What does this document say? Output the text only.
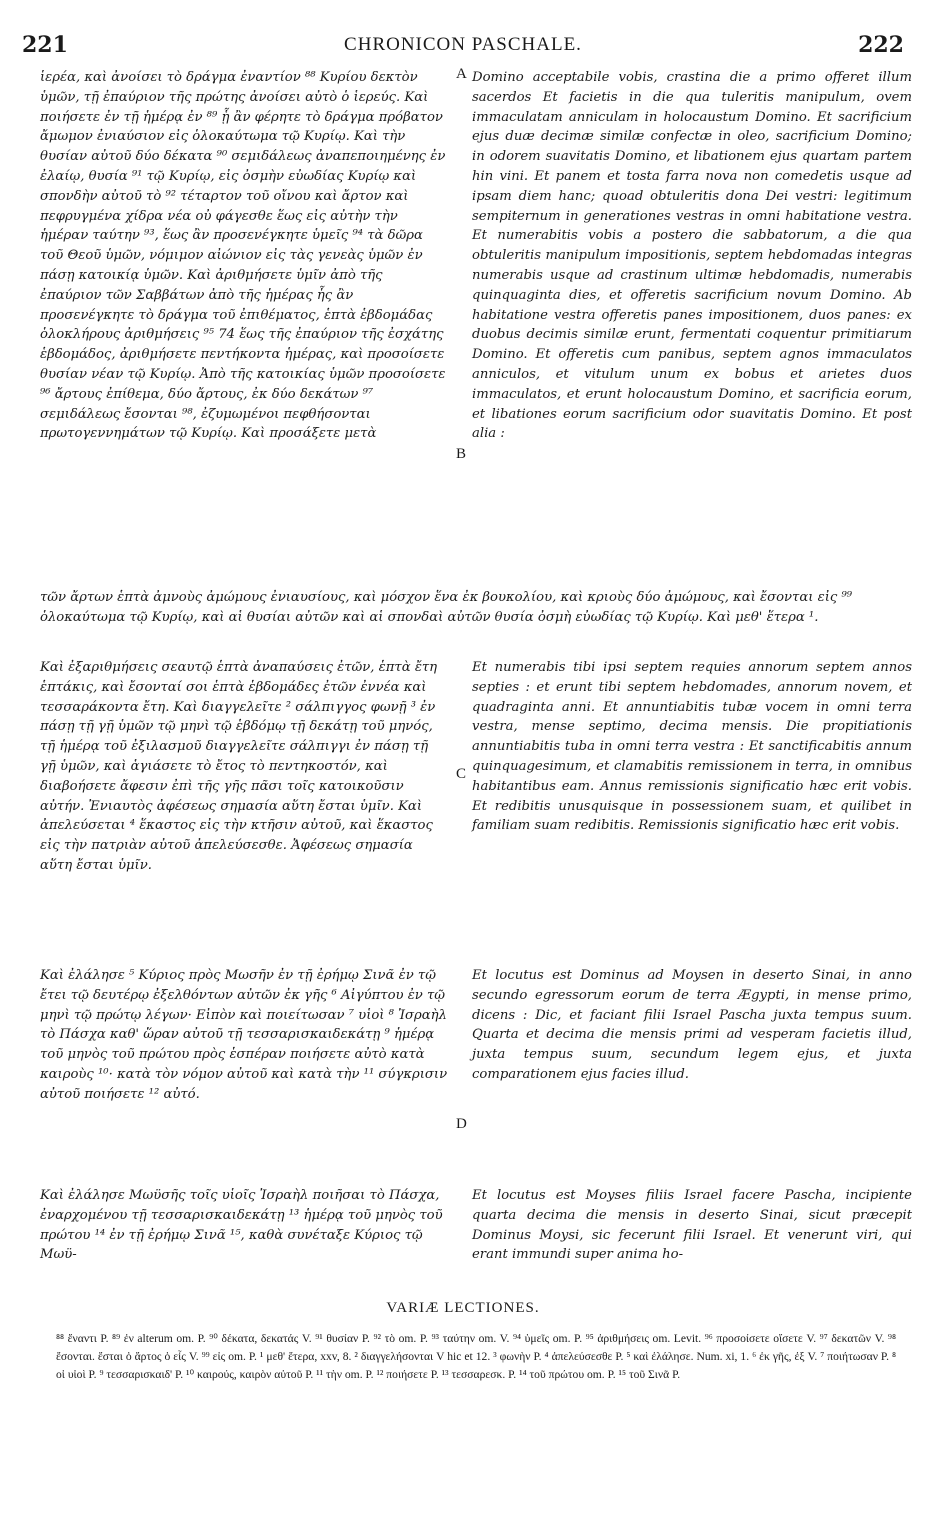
221	CHRONICON PASCHALE.	222

ἱερέα, καὶ ἀνοίσει τὸ δράγμα ἐναντίον ⁸⁸ Κυρίου δεκτὸν ὑμῶν, τῇ ἐπαύριον τῆς πρώτης ἀνοίσει αὐτὸ ὁ ἱερεύς. Καὶ ποιήσετε ἐν τῇ ἡμέρᾳ ἐν ⁸⁹ ᾗ ἂν φέρητε τὸ δράγμα πρόβατον ἄμωμον ἐνιαύσιον εἰς ὁλοκαύτωμα τῷ Κυρίῳ. Καὶ τὴν θυσίαν αὐτοῦ δύο δέκατα ⁹⁰ σεμιδάλεως ἀναπεποιημένης ἐν ἐλαίῳ, θυσία ⁹¹ τῷ Κυρίῳ, εἰς ὀσμὴν εὐωδίας Κυρίῳ καὶ σπονδὴν αὐτοῦ τὸ ⁹² τέταρτον τοῦ οἴνου καὶ ἄρτον καὶ πεφρυγμένα χίδρα νέα οὐ φάγεσθε ἕως εἰς αὐτὴν τὴν ἡμέραν ταύτην ⁹³, ἕως ἂν προσενέγκητε ὑμεῖς ⁹⁴ τὰ δῶρα τοῦ Θεοῦ ὑμῶν, νόμιμον αἰώνιον εἰς τὰς γενεὰς ὑμῶν ἐν πάσῃ κατοικίᾳ ὑμῶν. Καὶ ἀριθμήσετε ὑμῖν ἀπὸ τῆς ἐπαύριον τῶν Σαββάτων ἀπὸ τῆς ἡμέρας ἧς ἂν προσενέγκητε τὸ δράγμα τοῦ ἐπιθέματος, ἑπτὰ ἑβδομάδας ὁλοκλήρους ἀριθμήσεις ⁹⁵ 74 ἕως τῆς ἐπαύριον τῆς ἐσχάτης ἑβδομάδος, ἀριθμήσετε πεντήκοντα ἡμέρας, καὶ προσοίσετε θυσίαν νέαν τῷ Κυρίῳ. Ἀπὸ τῆς κατοικίας ὑμῶν προσοίσετε ⁹⁶ ἄρτους ἐπίθεμα, δύο ἄρτους, ἐκ δύο δεκάτων ⁹⁷ σεμιδάλεως ἔσονται ⁹⁸, ἐζυμωμένοι πεφθήσονται πρωτογεννημάτων τῷ Κυρίῳ. Καὶ προσάξετε μετὰ

Domino acceptabile vobis, crastina die a primo offeret illum sacerdos Et facietis in die qua tuleritis manipulum, ovem immaculatam anniculam in holocaustum Domino. Et sacrificium ejus duæ decimæ similæ confectæ in oleo, sacrificium Domino; in odorem suavitatis Domino, et libationem ejus quartam partem hin vini. Et panem et tosta farra nova non comedetis usque ad ipsam diem hanc; quoad obtuleritis dona Dei vestri: legitimum sempiternum in generationes vestras in omni habitatione vestra. Et numerabitis vobis a postero die sabbatorum, a die qua obtuleritis manipulum impositionis, septem hebdomadas integras numerabis usque ad crastinum ultimæ hebdomadis, numerabis quinquaginta dies, et offeretis sacrificium novum Domino. Ab habitatione vestra offeretis panes impositionem, duos panes: ex duobus decimis similæ erunt, fermentati coquentur primitiarum Domino. Et offeretis cum panibus, septem agnos immaculatos anniculos, et vitulum unum ex bobus et arietes duos immaculatos, et erunt holocaustum Domino, et sacrificia eorum, et libationes eorum sacrificium odor suavitatis Domino. Et post alia :

A
B
τῶν ἄρτων ἑπτὰ ἀμνοὺς ἀμώμους ἐνιαυσίους, καὶ μόσχον ἕνα ἐκ βουκολίου, καὶ κριοὺς δύο ἀμώμους, καὶ ἔσονται εἰς ⁹⁹ ὁλοκαύτωμα τῷ Κυρίῳ, καὶ αἱ θυσίαι αὐτῶν καὶ αἱ σπονδαὶ αὐτῶν θυσία ὀσμὴ εὐωδίας τῷ Κυρίῳ. Καὶ μεθ' ἕτερα ¹.

Καὶ ἐξαριθμήσεις σεαυτῷ ἑπτὰ ἀναπαύσεις ἐτῶν, ἑπτὰ ἔτη ἑπτάκις, καὶ ἔσονταί σοι ἑπτὰ ἑβδομάδες ἐτῶν ἐννέα καὶ τεσσαράκοντα ἔτη. Καὶ διαγγελεῖτε ² σάλπιγγος φωνῇ ³ ἐν πάσῃ τῇ γῇ ὑμῶν τῷ μηνὶ τῷ ἑβδόμῳ τῇ δεκάτῃ τοῦ μηνός, τῇ ἡμέρᾳ τοῦ ἐξιλασμοῦ διαγγελεῖτε σάλπιγγι ἐν πάσῃ τῇ γῇ ὑμῶν, καὶ ἁγιάσετε τὸ ἔτος τὸ πεντηκοστόν, καὶ διαβοήσετε ἄφεσιν ἐπὶ τῆς γῆς πᾶσι τοῖς κατοικοῦσιν αὐτήν. Ἐνιαυτὸς ἀφέσεως σημασία αὕτη ἔσται ὑμῖν. Καὶ ἀπελεύσεται ⁴ ἕκαστος εἰς τὴν κτῆσιν αὐτοῦ, καὶ ἕκαστος εἰς τὴν πατριὰν αὐτοῦ ἀπελεύσεσθε. Ἀφέσεως σημασία αὕτη ἔσται ὑμῖν.

Et numerabis tibi ipsi septem requies annorum septem annos septies : et erunt tibi septem hebdomades, annorum novem, et quadraginta anni. Et annuntiabitis tubæ vocem in omni terra vestra, mense septimo, decima mensis. Die propitiationis annuntiabitis tuba in omni terra vestra : Et sanctificabitis annum quinquagesimum, et clamabitis remissionem in terra, in omnibus habitantibus eam. Annus remissionis significatio hæc erit vobis. Et redibitis unusquisque in possessionem suam, et quilibet in familiam suam redibitis. Remissionis significatio hæc erit vobis.

C

Καὶ ἐλάλησε ⁵ Κύριος πρὸς Μωσῆν ἐν τῇ ἐρήμῳ Σινᾶ ἐν τῷ ἔτει τῷ δευτέρῳ ἐξελθόντων αὐτῶν ἐκ γῆς ⁶ Αἰγύπτου ἐν τῷ μηνὶ τῷ πρώτῳ λέγων· Εἰπὸν καὶ ποιείτωσαν ⁷ υἱοὶ ⁸ Ἰσραὴλ τὸ Πάσχα καθ' ὥραν αὐτοῦ τῇ τεσσαρισκαιδεκάτῃ ⁹ ἡμέρᾳ τοῦ μηνὸς τοῦ πρώτου πρὸς ἑσπέραν ποιήσετε αὐτὸ κατὰ καιροὺς ¹⁰· κατὰ τὸν νόμον αὐτοῦ καὶ κατὰ τὴν ¹¹ σύγκρισιν αὐτοῦ ποιήσετε ¹² αὐτό.

Et locutus est Dominus ad Moysen in deserto Sinai, in anno secundo egressorum eorum de terra Ægypti, in mense primo, dicens : Dic, et faciant filii Israel Pascha juxta tempus suum. Quarta et decima die mensis primi ad vesperam facietis illud, juxta tempus suum, secundum legem ejus, et juxta comparationem ejus facies illud.

D

Καὶ ἐλάλησε Μωϋσῆς τοῖς υἱοῖς Ἰσραὴλ ποιῆσαι τὸ Πάσχα, ἐναρχομένου τῇ τεσσαρισκαιδεκάτῃ ¹³ ἡμέρᾳ τοῦ μηνὸς τοῦ πρώτου ¹⁴ ἐν τῇ ἐρήμῳ Σινᾶ ¹⁵, καθὰ συνέταξε Κύριος τῷ Μωϋ-

Et locutus est Moyses filiis Israel facere Pascha, incipiente quarta decima die mensis in deserto Sinai, sicut præcepit Dominus Moysi, sic fecerunt filii Israel. Et venerunt viri, qui erant immundi super anima ho-

VARIÆ LECTIONES.
⁸⁸ ἔναντι P. ⁸⁹ ἐν alterum om. P. ⁹⁰ δέκατα, δεκατάς V. ⁹¹ θυσίαν P. ⁹² τὸ om. P. ⁹³ ταύτην om. V. ⁹⁴ ὑμεῖς om. P. ⁹⁵ ἀριθμήσεις om. Levit. ⁹⁶ προσοίσετε οἴσετε V. ⁹⁷ δεκατῶν V. ⁹⁸ ἔσονται. ἔσται ὁ ἄρτος ὁ εἷς V. ⁹⁹ εἰς om. P. ¹ μεθ' ἕτερα, xxv, 8. ² διαγγελήσονται V hic et 12. ³ φωνὴν P. ⁴ ἀπελεύσεσθε P. ⁵ καὶ ἐλάλησε. Num. xi, 1. ⁶ ἐκ γῆς, ἐξ V. ⁷ ποιήτωσαν P. ⁸ οἱ υἱοὶ P. ⁹ τεσσαρισκαιδ' P. ¹⁰ καιρούς, καιρὸν αὐτοῦ P. ¹¹ τὴν om. P. ¹² ποιήσετε P. ¹³ τεσσαρεσκ. P. ¹⁴ τοῦ πρώτου om. P. ¹⁵ τοῦ Σινᾶ P.
